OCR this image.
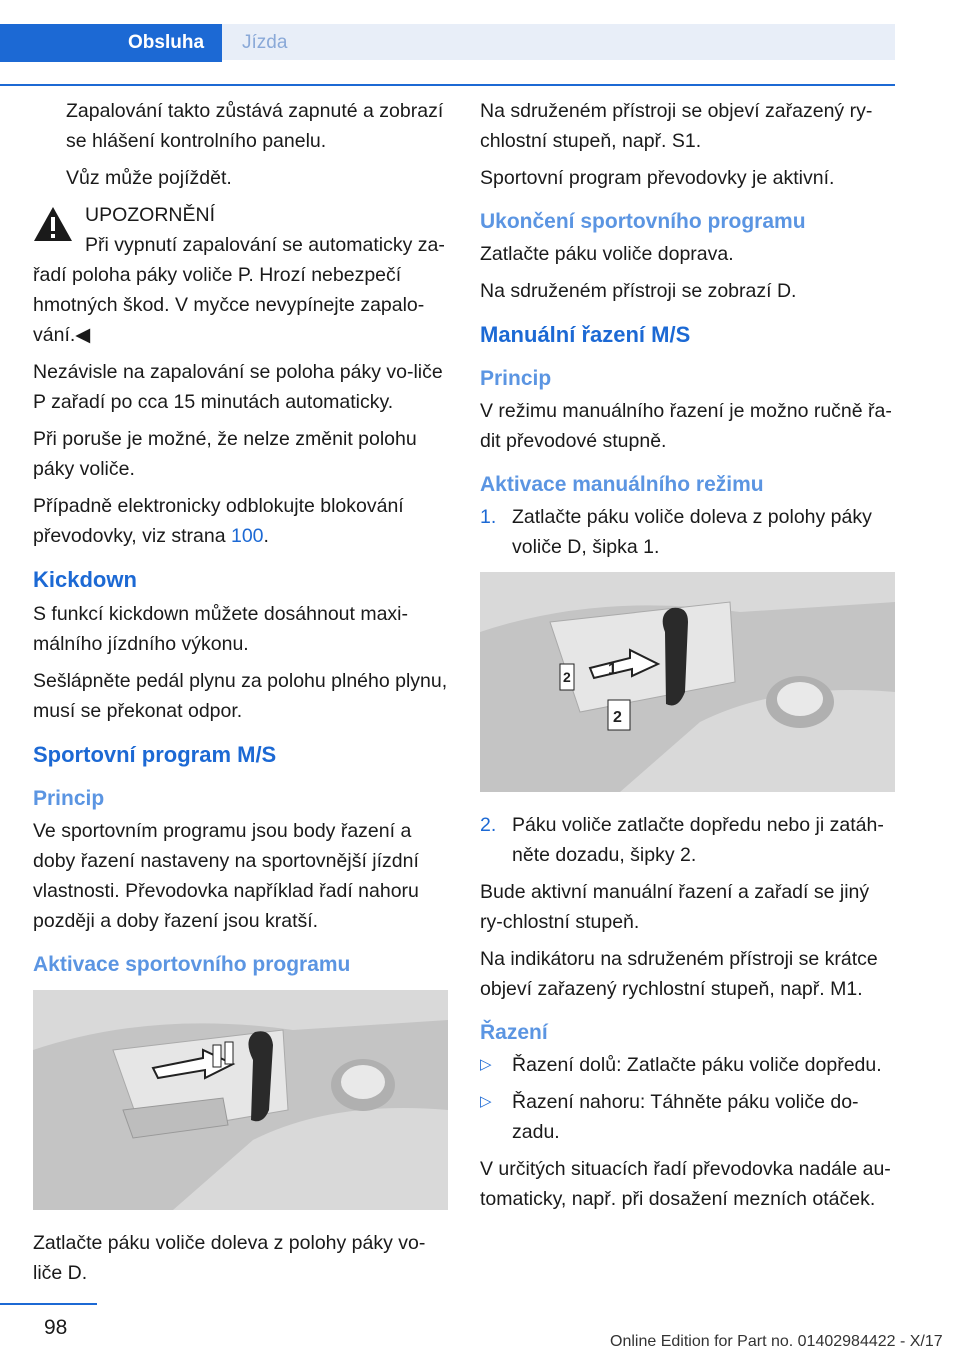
Obsluha	Jízda

Zapalování takto zůstává zapnuté a zobrazí se hlášení kontrolního panelu.

Vůz může pojíždět.

UPOZORNĚNÍ

Při vypnutí zapalování se automaticky za-

řadí poloha páky voliče P. Hrozí nebezpečí hmotných škod. V myčce nevypínejte zapalo-vání.◀

Nezávisle na zapalování se poloha páky vo-liče P zařadí po cca 15 minutách automaticky.

Při poruše je možné, že nelze změnit polohu páky voliče.

Případně elektronicky odblokujte blokování převodovky, viz strana 100.

Kickdown

S funkcí kickdown můžete dosáhnout maxi-málního jízdního výkonu.

Sešlápněte pedál plynu za polohu plného plynu, musí se překonat odpor.

Sportovní program M/S
Princip

Ve sportovním programu jsou body řazení a doby řazení nastaveny na sportovnější jízdní vlastnosti. Převodovka například řadí nahoru později a doby řazení jsou kratší.

Aktivace sportovního programu

Zatlačte páku voliče doleva z polohy páky vo-liče D.

Na sdruženém přístroji se objeví zařazený ry-chlostní stupeň, např. S1.

Sportovní program převodovky je aktivní.

Ukončení sportovního programu

Zatlačte páku voliče doprava.

Na sdruženém přístroji se zobrazí D.

Manuální řazení M/S
Princip

V režimu manuálního řazení je možno ručně řa-dit převodové stupně.

Aktivace manuálního režimu
1. Zatlačte páku voliče doleva z polohy páky voliče D, šipka 1.
1
2
2
2. Páku voliče zatlačte dopředu nebo ji zatáh-něte dozadu, šipky 2.

Bude aktivní manuální řazení a zařadí se jiný ry-chlostní stupeň.

Na indikátoru na sdruženém přístroji se krátce objeví zařazený rychlostní stupeň, např. M1.

Řazení
▷ Řazení dolů: Zatlačte páku voliče dopředu.
▷ Řazení nahoru: Táhněte páku voliče do-zadu.

V určitých situacích řadí převodovka nadále au-tomaticky, např. při dosažení mezních otáček.

98
Online Edition for Part no. 01402984422 - X/17
